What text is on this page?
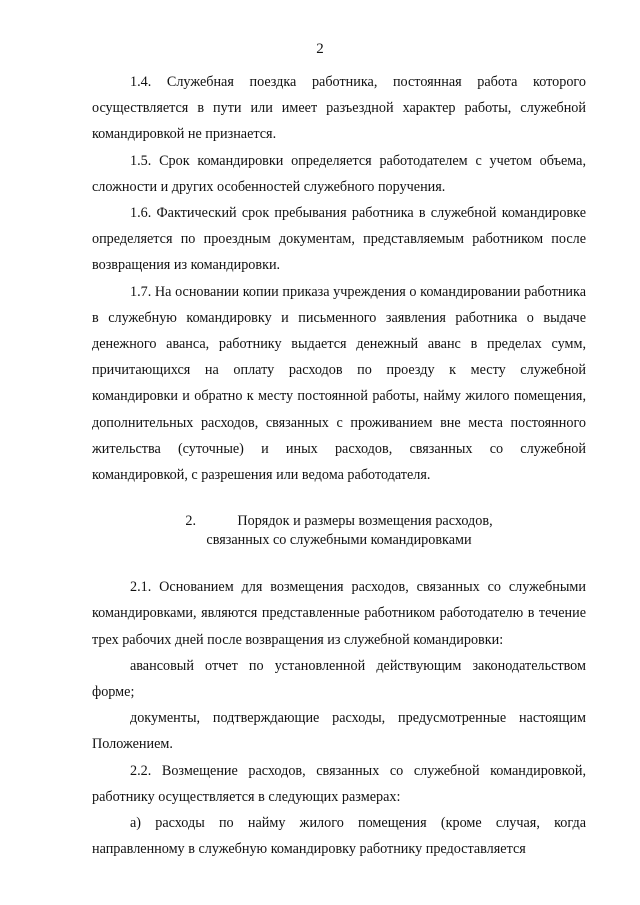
2

1.4. Служебная поездка работника, постоянная работа которого осуществляется в пути или имеет разъездной характер работы, служебной командировкой не признается.

1.5. Срок командировки определяется работодателем с учетом объема, сложности и других особенностей служебного поручения.

1.6. Фактический срок пребывания работника в служебной командировке определяется по проездным документам, представляемым работником после возвращения из командировки.

1.7. На основании копии приказа учреждения о командировании работника в служебную командировку и письменного заявления работника о выдаче денежного аванса, работнику выдается денежный аванс в пределах сумм, причитающихся на оплату расходов по проезду к месту служебной командировки и обратно к месту постоянной работы, найму жилого помещения, дополнительных расходов, связанных с проживанием вне места постоянного жительства (суточные) и иных расходов, связанных со служебной командировкой, с разрешения или ведома работодателя.

2.	Порядок и размеры возмещения расходов,
связанных со служебными командировками

2.1. Основанием для возмещения расходов, связанных со служебными командировками, являются представленные работником работодателю в течение трех рабочих дней после возвращения из служебной командировки:

авансовый отчет по установленной действующим законодательством форме;

документы, подтверждающие расходы, предусмотренные настоящим Положением.

2.2. Возмещение расходов, связанных со служебной командировкой, работнику осуществляется в следующих размерах:

а) расходы по найму жилого помещения (кроме случая, когда направленному в служебную командировку работнику предоставляется
